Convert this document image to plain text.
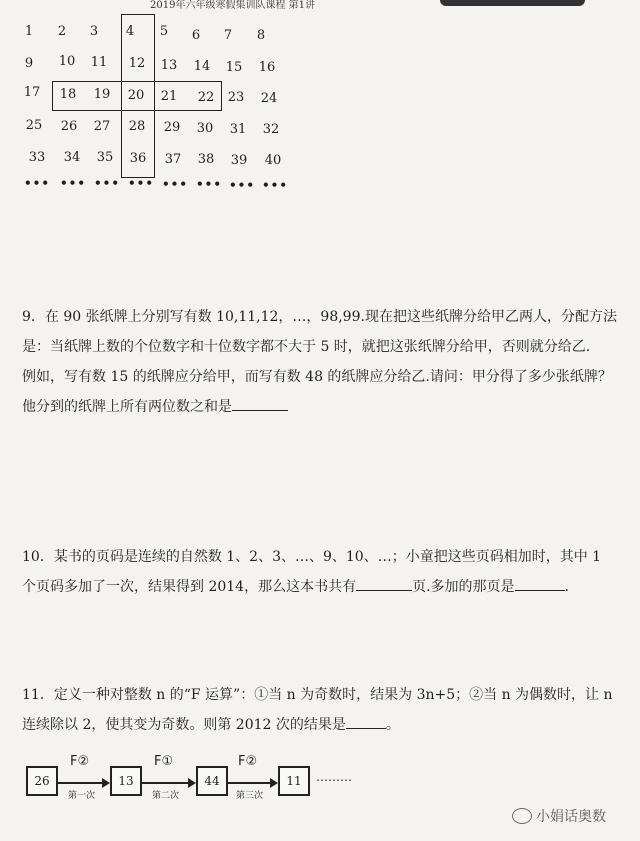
2019年六年级寒假集训队课程 第1讲
1	2	3	4	5	6	7	8
9	10 11 12 13 14 15 16
17 18 19 20 21 22 23 24
25 26 27 28 29 30 31 32
33 34 35 36 37 38 39 40
••• ••• ••• ••• ••• ••• ••• •••
9．在 90 张纸牌上分别写有数 10,11,12，…，98,99.现在把这些纸牌分给甲乙两人，分配方法
是：当纸牌上数的个位数字和十位数字都不大于 5 时，就把这张纸牌分给甲，否则就分给乙.
例如，写有数 15 的纸牌应分给甲，而写有数 48 的纸牌应分给乙.请问：甲分得了多少张纸牌？
他分到的纸牌上所有两位数之和是
10．某书的页码是连续的自然数 1、2、3、…、9、10、…；小童把这些页码相加时，其中 1
个页码多加了一次，结果得到 2014，那么这本书共有	页.多加的那页是	.
11．定义一种对整数 n 的“F 运算”：①当 n 为奇数时，结果为 3n+5；②当 n 为偶数时，让 n
连续除以 2，使其变为奇数。则第 2012 次的结果是	。
26
F②
第一次
13
F①
第二次
44
F②
第三次
11	………
小娟话奥数
